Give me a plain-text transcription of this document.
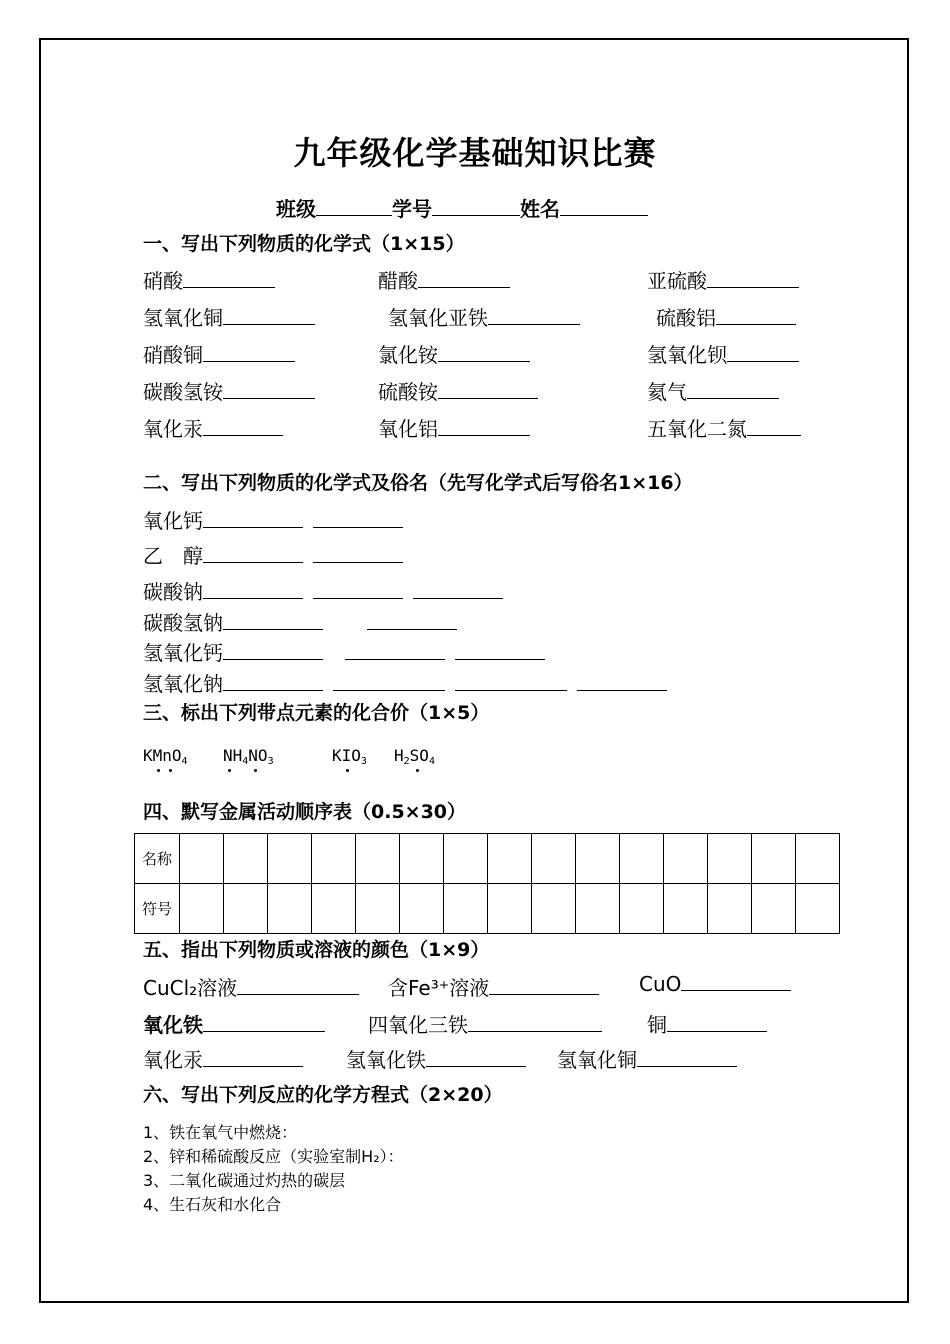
九年级化学基础知识比赛
班级	学号	姓名
一、写出下列物质的化学式（1×15）
硝酸	醋酸	亚硫酸
氢氧化铜	氢氧化亚铁	硫酸铝
硝酸铜	氯化铵	氢氧化钡
碳酸氢铵	硫酸铵	氦气
氧化汞	氧化铝	五氧化二氮
二、写出下列物质的化学式及俗名（先写化学式后写俗名1×16）
氧化钙
乙　醇
碳酸钠
碳酸氢钠
氢氧化钙
氢氧化钠
三、标出下列带点元素的化合价（1×5）
KMnO$_4$ $NH_4NO_3$	$KIO_3$ $H_2SO_4$
四、默写金属活动顺序表（0.5×30）
名称															
符号															
五、指出下列物质或溶液的颜色（1×9）
CuCl₂溶液	含Fe³⁺溶液	CuO
氧化铁	四氧化三铁	铜
氧化汞	氢氧化铁	氢氧化铜
六、写出下列反应的化学方程式（2×20）
1、铁在氧气中燃烧：
2、锌和稀硫酸反应（实验室制H₂）：
3、二氧化碳通过灼热的碳层
4、生石灰和水化合
